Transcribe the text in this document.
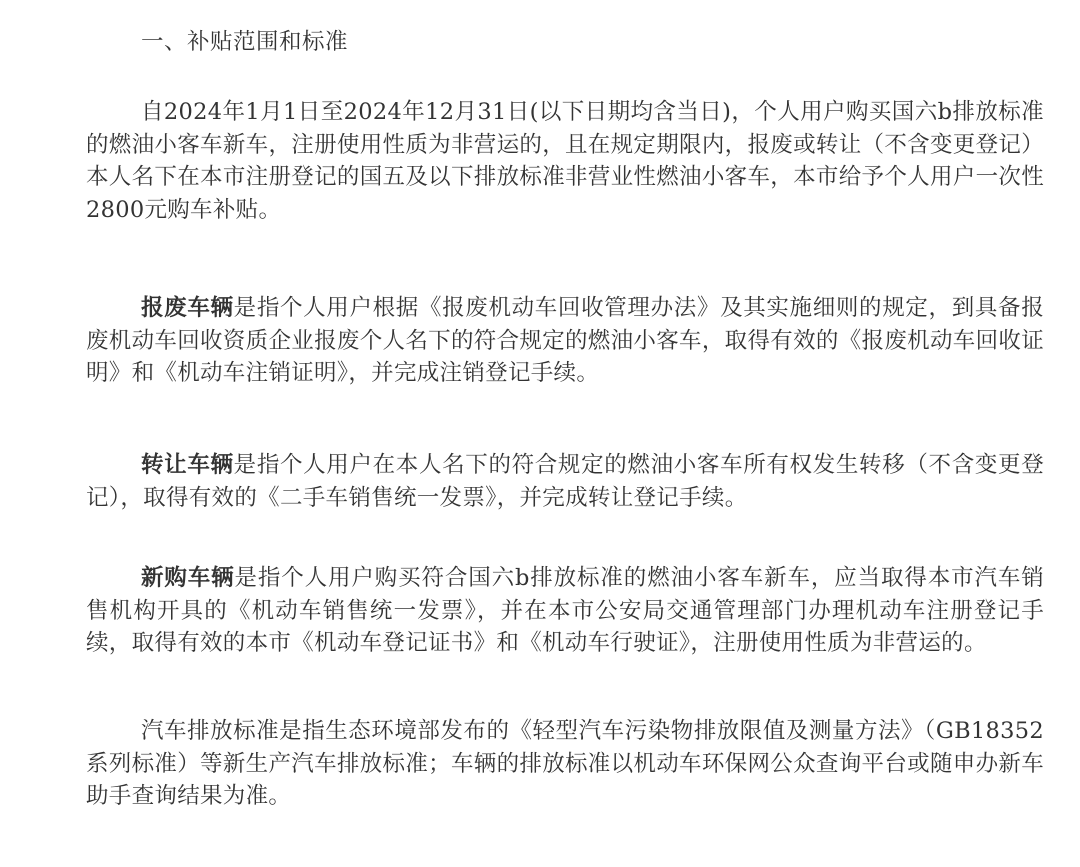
一、补贴范围和标准

自2024年1月1日至2024年12月31日(以下日期均含当日)，个人用户购买国六b排放标准的燃油小客车新车，注册使用性质为非营运的，且在规定期限内，报废或转让（不含变更登记）本人名下在本市注册登记的国五及以下排放标准非营业性燃油小客车，本市给予个人用户一次性2800元购车补贴。

报废车辆是指个人用户根据《报废机动车回收管理办法》及其实施细则的规定，到具备报废机动车回收资质企业报废个人名下的符合规定的燃油小客车，取得有效的《报废机动车回收证明》和《机动车注销证明》，并完成注销登记手续。

转让车辆是指个人用户在本人名下的符合规定的燃油小客车所有权发生转移（不含变更登记），取得有效的《二手车销售统一发票》，并完成转让登记手续。

新购车辆是指个人用户购买符合国六b排放标准的燃油小客车新车，应当取得本市汽车销售机构开具的《机动车销售统一发票》，并在本市公安局交通管理部门办理机动车注册登记手续，取得有效的本市《机动车登记证书》和《机动车行驶证》，注册使用性质为非营运的。

汽车排放标准是指生态环境部发布的《轻型汽车污染物排放限值及测量方法》（GB18352系列标准）等新生产汽车排放标准；车辆的排放标准以机动车环保网公众查询平台或随申办新车助手查询结果为准。
